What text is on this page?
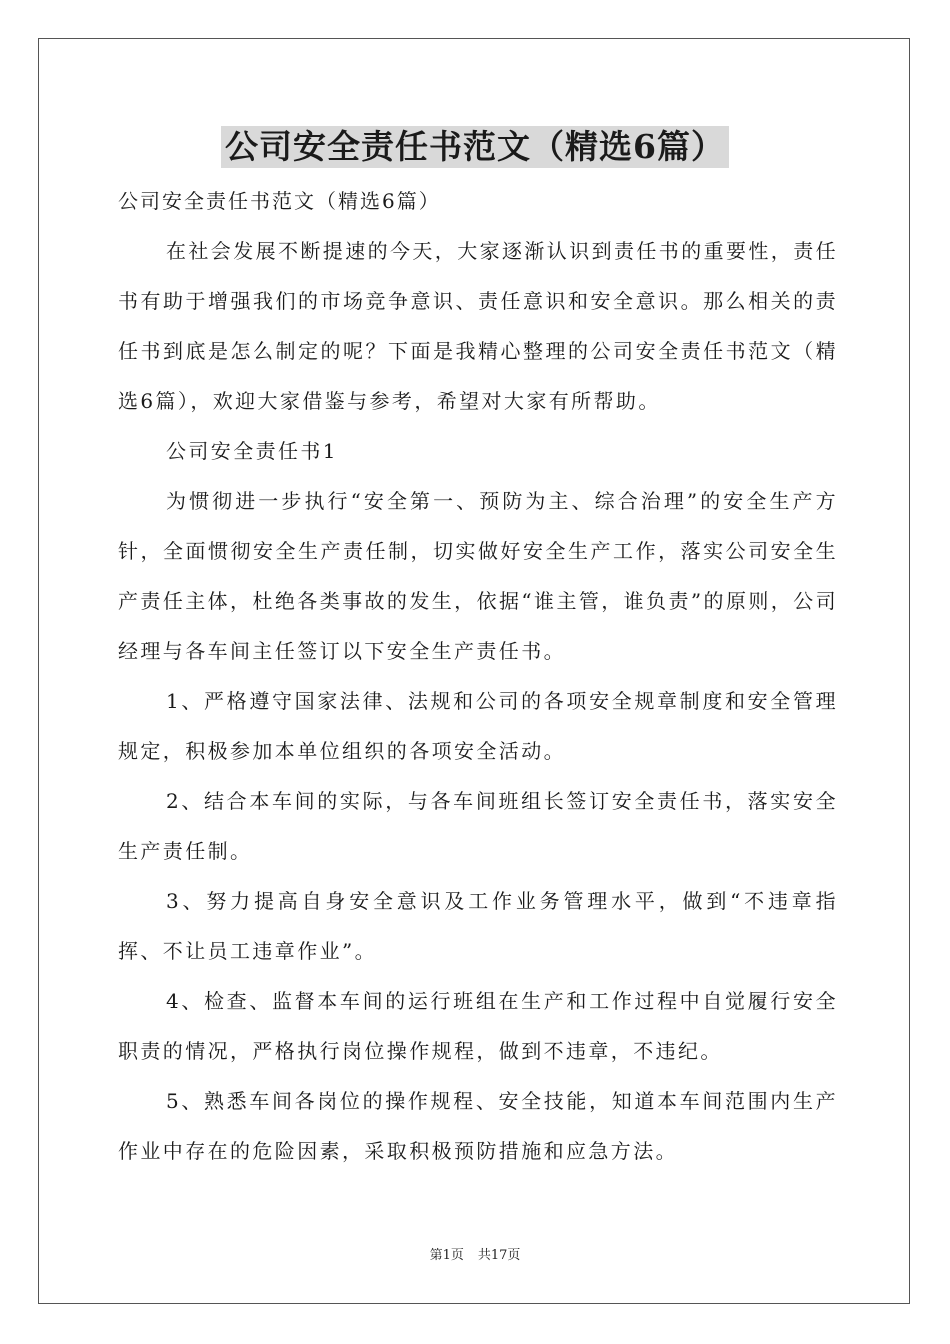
公司安全责任书范文（精选6篇）

公司安全责任书范文（精选6篇）

在社会发展不断提速的今天，大家逐渐认识到责任书的重要性，责任书有助于增强我们的市场竞争意识、责任意识和安全意识。那么相关的责任书到底是怎么制定的呢？下面是我精心整理的公司安全责任书范文（精选6篇），欢迎大家借鉴与参考，希望对大家有所帮助。

公司安全责任书1

为惯彻进一步执行“安全第一、预防为主、综合治理”的安全生产方针，全面惯彻安全生产责任制，切实做好安全生产工作，落实公司安全生产责任主体，杜绝各类事故的发生，依据“谁主管，谁负责”的原则，公司经理与各车间主任签订以下安全生产责任书。

1、严格遵守国家法律、法规和公司的各项安全规章制度和安全管理规定，积极参加本单位组织的各项安全活动。

2、结合本车间的实际，与各车间班组长签订安全责任书，落实安全生产责任制。

3、努力提高自身安全意识及工作业务管理水平，做到“不违章指挥、不让员工违章作业”。

4、检查、监督本车间的运行班组在生产和工作过程中自觉履行安全职责的情况，严格执行岗位操作规程，做到不违章，不违纪。

5、熟悉车间各岗位的操作规程、安全技能，知道本车间范围内生产作业中存在的危险因素，采取积极预防措施和应急方法。

第1页 共17页
